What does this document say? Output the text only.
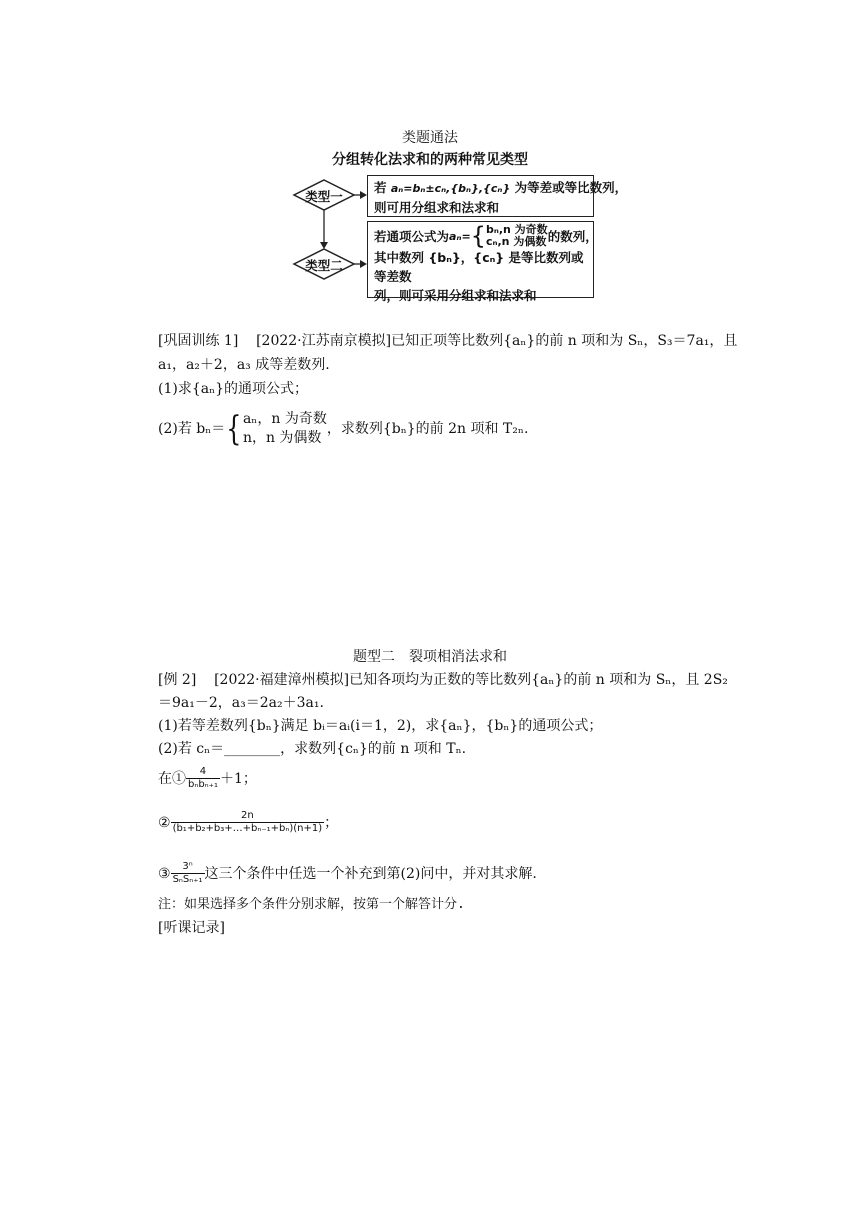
类题通法
分组转化法求和的两种常见类型
类型一
类型二
若 aₙ=bₙ±cₙ,{bₙ},{cₙ} 为等差或等比数列，
则可用分组求和法求和
若通项公式为 aₙ= { bₙ,n 为奇数
cₙ,n 为偶数 的数列，
其中数列 {bₙ}，{cₙ} 是等比数列或等差数
列，则可采用分组求和法求和
[巩固训练 1] [2022·江苏南京模拟]已知正项等比数列{aₙ}的前 n 项和为 Sₙ，S₃＝7a₁，且
a₁，a₂＋2，a₃ 成等差数列.
(1)求{aₙ}的通项公式；
(2)若 bₙ＝ { aₙ，n 为奇数
n，n 为偶数
，求数列{bₙ}的前 2n 项和 T₂ₙ.
题型二　裂项相消法求和
[例 2] [2022·福建漳州模拟]已知各项均为正数的等比数列{aₙ}的前 n 项和为 Sₙ，且 2S₂
＝9a₁－2，a₃＝2a₂＋3a₁.
(1)若等差数列{bₙ}满足 bᵢ＝aᵢ(i＝1，2)，求{aₙ}，{bₙ}的通项公式；
(2)若 cₙ＝________，求数列{cₙ}的前 n 项和 Tₙ.
在① $\frac{4}{\text{bₙbₙ₊₁}} +1$；
② $\frac{2n}{\text{(b₁+b₂+b₃+…+bₙ₋₁+bₙ)(n+1)}}$ ；
③ $\frac{\text{3ⁿ}}{\text{SₙSₙ₊₁}}$ 这三个条件中任选一个补充到第(2)问中，并对其求解.
注：如果选择多个条件分别求解，按第一个解答计分.
[听课记录]
